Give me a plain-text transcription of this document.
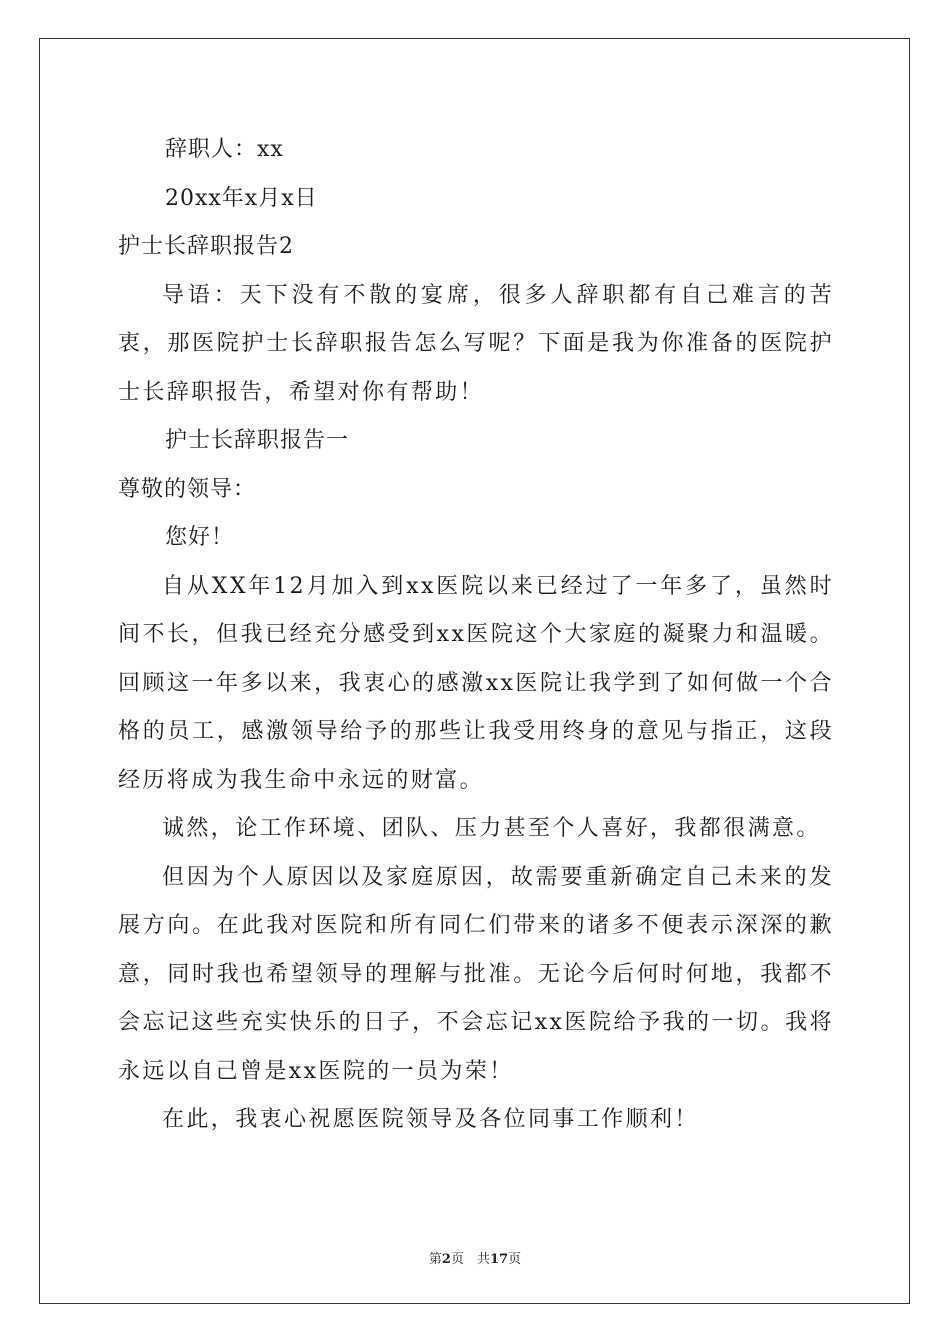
辞职人：xx
20xx年x月x日
护士长辞职报告2
导语：天下没有不散的宴席，很多人辞职都有自己难言的苦衷，那医院护士长辞职报告怎么写呢？下面是我为你准备的医院护士长辞职报告，希望对你有帮助！
护士长辞职报告一
尊敬的领导：
您好！
自从XX年12月加入到xx医院以来已经过了一年多了，虽然时间不长，但我已经充分感受到xx医院这个大家庭的凝聚力和温暖。回顾这一年多以来，我衷心的感激xx医院让我学到了如何做一个合格的员工，感激领导给予的那些让我受用终身的意见与指正，这段经历将成为我生命中永远的财富。
诚然，论工作环境、团队、压力甚至个人喜好，我都很满意。
但因为个人原因以及家庭原因，故需要重新确定自己未来的发展方向。在此我对医院和所有同仁们带来的诸多不便表示深深的歉意，同时我也希望领导的理解与批准。无论今后何时何地，我都不会忘记这些充实快乐的日子，不会忘记xx医院给予我的一切。我将永远以自己曾是xx医院的一员为荣！
在此，我衷心祝愿医院领导及各位同事工作顺利！
第2页　共17页
